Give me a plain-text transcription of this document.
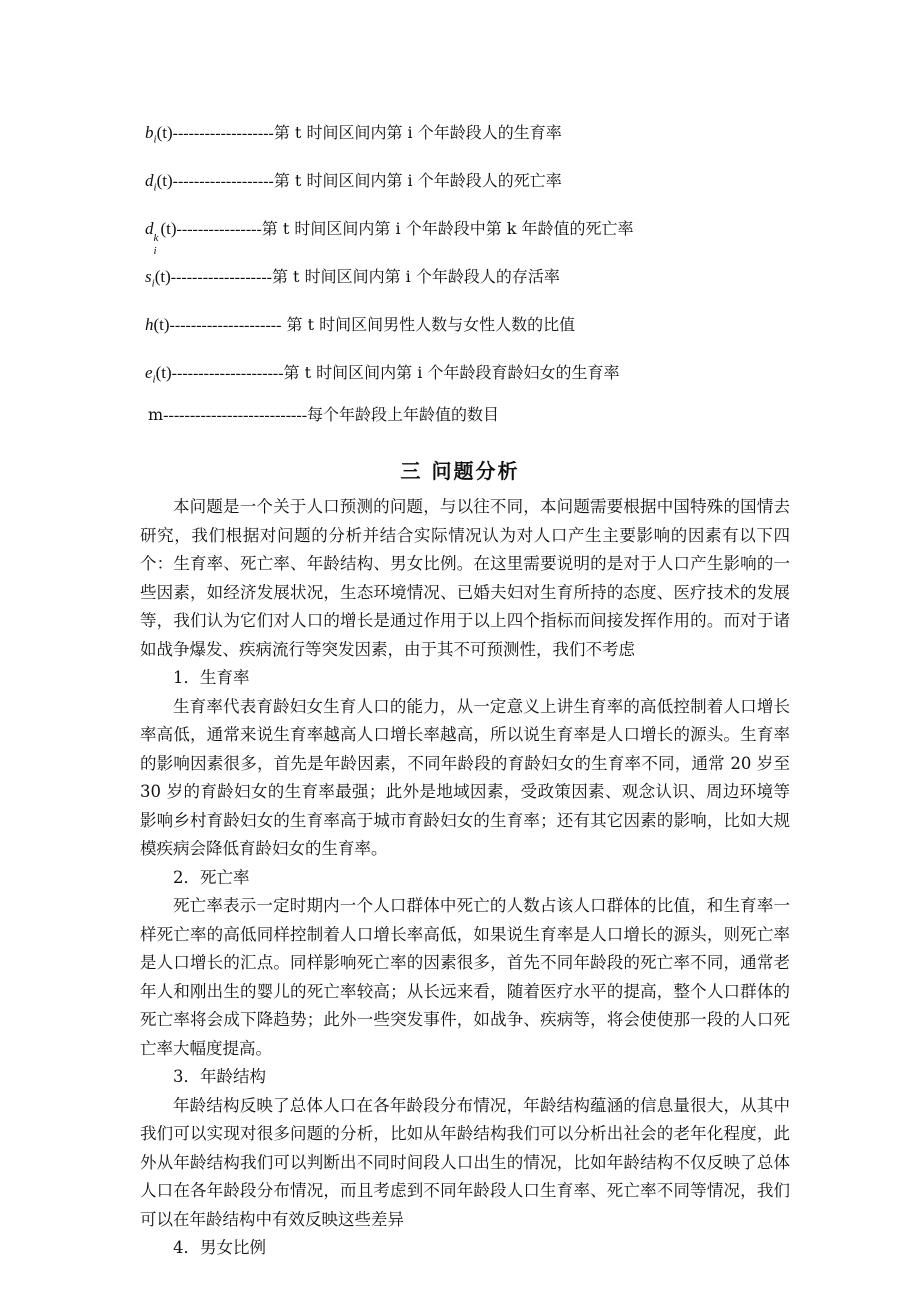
$b_i(t)-------------------$第 t 时间区间内第 i 个年龄段人的生育率
$d_i(t)-------------------$第 t 时间区间内第 i 个年龄段人的死亡率
d k
i
(t)----------------第 t 时间区间内第 i 个年龄段中第 k 年龄值的死亡率
$s_i(t)-------------------$第 t 时间区间内第 i 个年龄段人的存活率
h(t)--------------------- 第 t 时间区间男性人数与女性人数的比值
$e_i(t)---------------------$第 t 时间区间内第 i 个年龄段育龄妇女的生育率
m---------------------------每个年龄段上年龄值的数目
三 问题分析

本问题是一个关于人口预测的问题，与以往不同，本问题需要根据中国特殊的国情去研究，我们根据对问题的分析并结合实际情况认为对人口产生主要影响的因素有以下四个：生育率、死亡率、年龄结构、男女比例。在这里需要说明的是对于人口产生影响的一些因素，如经济发展状况，生态环境情况、已婚夫妇对生育所持的态度、医疗技术的发展等，我们认为它们对人口的增长是通过作用于以上四个指标而间接发挥作用的。而对于诸如战争爆发、疾病流行等突发因素，由于其不可预测性，我们不考虑

1．生育率

生育率代表育龄妇女生育人口的能力，从一定意义上讲生育率的高低控制着人口增长率高低，通常来说生育率越高人口增长率越高，所以说生育率是人口增长的源头。生育率的影响因素很多，首先是年龄因素，不同年龄段的育龄妇女的生育率不同，通常 20 岁至 30 岁的育龄妇女的生育率最强；此外是地域因素，受政策因素、观念认识、周边环境等影响乡村育龄妇女的生育率高于城市育龄妇女的生育率；还有其它因素的影响，比如大规模疾病会降低育龄妇女的生育率。

2．死亡率

死亡率表示一定时期内一个人口群体中死亡的人数占该人口群体的比值，和生育率一样死亡率的高低同样控制着人口增长率高低，如果说生育率是人口增长的源头，则死亡率是人口增长的汇点。同样影响死亡率的因素很多，首先不同年龄段的死亡率不同，通常老年人和刚出生的婴儿的死亡率较高；从长远来看，随着医疗水平的提高，整个人口群体的死亡率将会成下降趋势；此外一些突发事件，如战争、疾病等，将会使使那一段的人口死亡率大幅度提高。

3．年龄结构

年龄结构反映了总体人口在各年龄段分布情况，年龄结构蕴涵的信息量很大，从其中我们可以实现对很多问题的分析，比如从年龄结构我们可以分析出社会的老年化程度，此外从年龄结构我们可以判断出不同时间段人口出生的情况，比如年龄结构不仅反映了总体人口在各年龄段分布情况，而且考虑到不同年龄段人口生育率、死亡率不同等情况，我们可以在年龄结构中有效反映这些差异

4．男女比例
